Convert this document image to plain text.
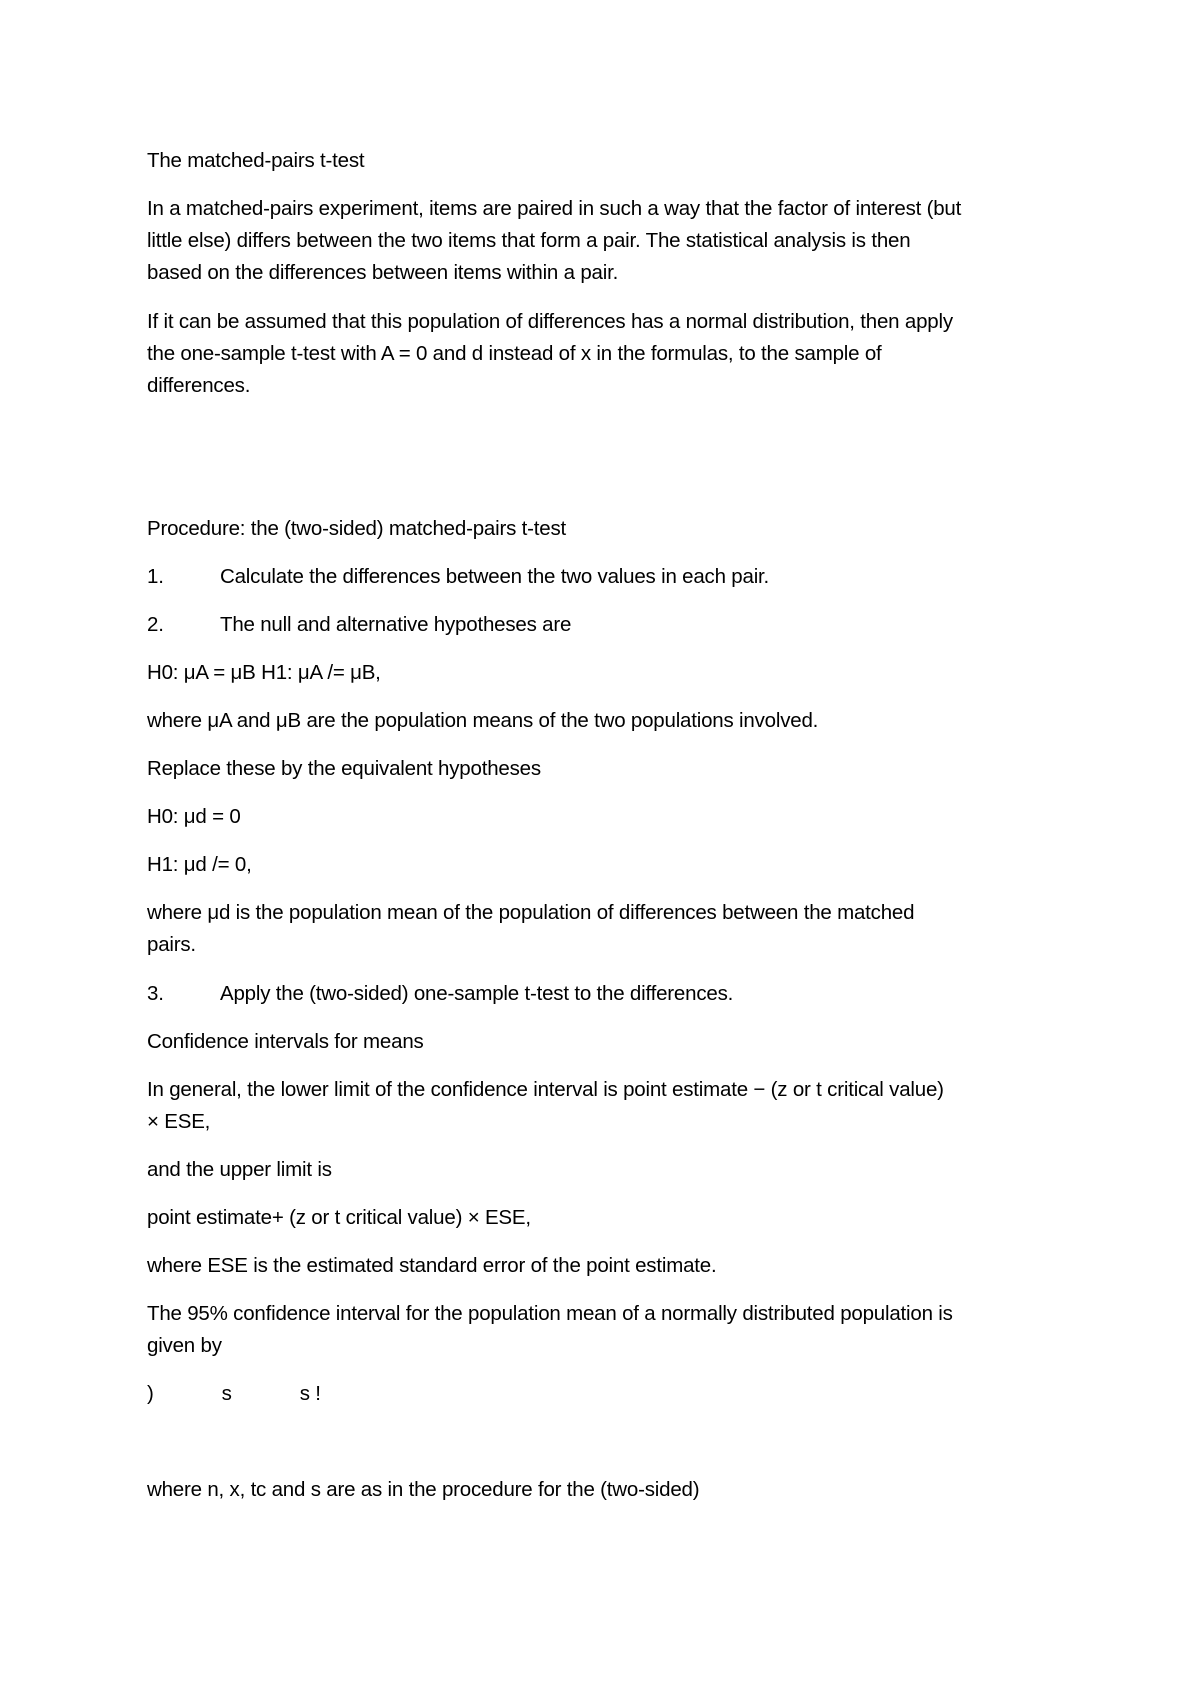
The matched-pairs t-test
In a matched-pairs experiment, items are paired in such a way that the factor of interest (but
little else) differs between the two items that form a pair. The statistical analysis is then
based on the differences between items within a pair.
If it can be assumed that this population of differences has a normal distribution, then apply
the one-sample t-test with A = 0 and d instead of x in the formulas, to the sample of
differences.
Procedure: the (two-sided) matched-pairs t-test
1.	Calculate the differences between the two values in each pair.
2.	The null and alternative hypotheses are
H0: μA = μB H1: μA /= μB,
where μA and μB are the population means of the two populations involved.
Replace these by the equivalent hypotheses
H0: μd = 0
H1: μd /= 0,
where μd is the population mean of the population of differences between the matched
pairs.
3.	Apply the (two-sided) one-sample t-test to the differences.
Confidence intervals for means
In general, the lower limit of the confidence interval is point estimate − (z or t critical value)
× ESE,
and the upper limit is
point estimate+ (z or t critical value) × ESE,
where ESE is the estimated standard error of the point estimate.
The 95% confidence interval for the population mean of a normally distributed population is
given by
)	s	s !
where n, x, tc and s are as in the procedure for the (two-sided)
